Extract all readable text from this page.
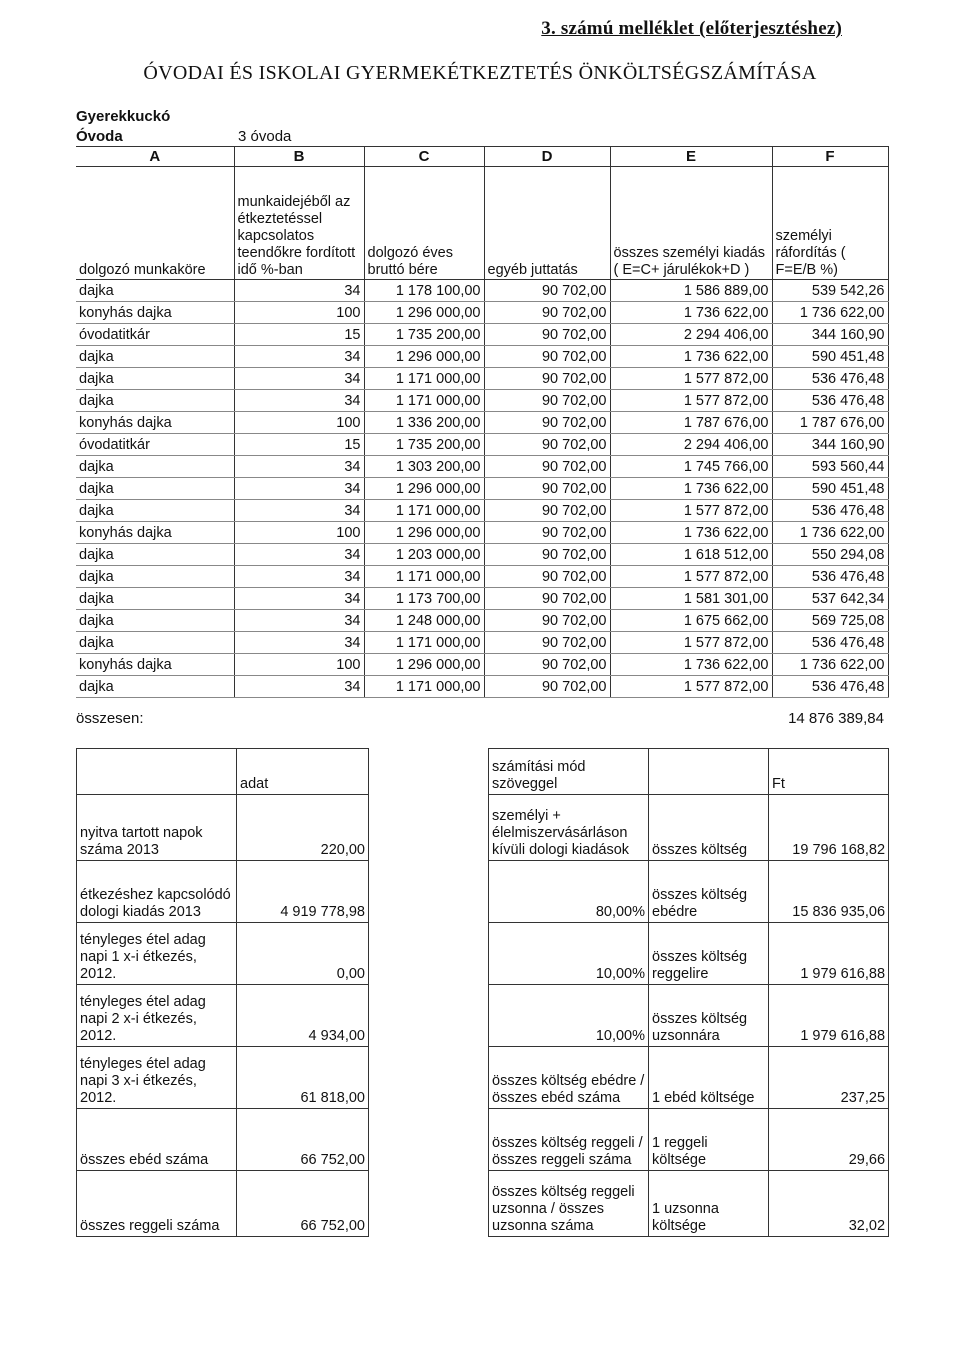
3. számú melléklet (előterjesztéshez)
ÓVODAI ÉS ISKOLAI GYERMEKÉTKEZTETÉS ÖNKÖLTSÉGSZÁMÍTÁSA
Gyerekkuckó
Óvoda	3 óvoda
A	B	C	D	E	F
dolgozó munkaköre	munkaidejéből az étkeztetéssel kapcsolatos teendőkre fordított idő %-ban	dolgozó éves bruttó bére	egyéb juttatás	összes személyi kiadás ( E=C+ járulékok+D )	személyi ráfordítás ( F=E/B %)
dajka	34	1 178 100,00	90 702,00	1 586 889,00	539 542,26
konyhás dajka	100	1 296 000,00	90 702,00	1 736 622,00	1 736 622,00
óvodatitkár	15	1 735 200,00	90 702,00	2 294 406,00	344 160,90
dajka	34	1 296 000,00	90 702,00	1 736 622,00	590 451,48
dajka	34	1 171 000,00	90 702,00	1 577 872,00	536 476,48
dajka	34	1 171 000,00	90 702,00	1 577 872,00	536 476,48
konyhás dajka	100	1 336 200,00	90 702,00	1 787 676,00	1 787 676,00
óvodatitkár	15	1 735 200,00	90 702,00	2 294 406,00	344 160,90
dajka	34	1 303 200,00	90 702,00	1 745 766,00	593 560,44
dajka	34	1 296 000,00	90 702,00	1 736 622,00	590 451,48
dajka	34	1 171 000,00	90 702,00	1 577 872,00	536 476,48
konyhás dajka	100	1 296 000,00	90 702,00	1 736 622,00	1 736 622,00
dajka	34	1 203 000,00	90 702,00	1 618 512,00	550 294,08
dajka	34	1 171 000,00	90 702,00	1 577 872,00	536 476,48
dajka	34	1 173 700,00	90 702,00	1 581 301,00	537 642,34
dajka	34	1 248 000,00	90 702,00	1 675 662,00	569 725,08
dajka	34	1 171 000,00	90 702,00	1 577 872,00	536 476,48
konyhás dajka	100	1 296 000,00	90 702,00	1 736 622,00	1 736 622,00
dajka	34	1 171 000,00	90 702,00	1 577 872,00	536 476,48
összesen:	14 876 389,84
	adat
nyitva tartott napok száma 2013	220,00
étkezéshez kapcsolódó dologi kiadás 2013	4 919 778,98
tényleges étel adag napi 1 x-i étkezés, 2012.	0,00
tényleges étel adag napi 2 x-i étkezés, 2012.	4 934,00
tényleges étel adag napi 3 x-i étkezés, 2012.	61 818,00
összes ebéd száma	66 752,00
összes reggeli száma	66 752,00
számítási mód szöveggel		Ft

személyi + élelmiszervásárláson kívüli dologi kiadások	összes költség	19 796 168,82

80,00%	összes költség ebédre	15 836 935,06

10,00%	összes költség reggelire	1 979 616,88

10,00%	összes költség uzsonnára	1 979 616,88

összes költség ebédre /összes ebéd száma	1 ebéd költsége	237,25

összes költség reggeli /összes reggeli száma	1 reggeli költsége	29,66

összes költség reggeli uzsonna / összes uzsonna száma	1 uzsonna költsége	32,02
